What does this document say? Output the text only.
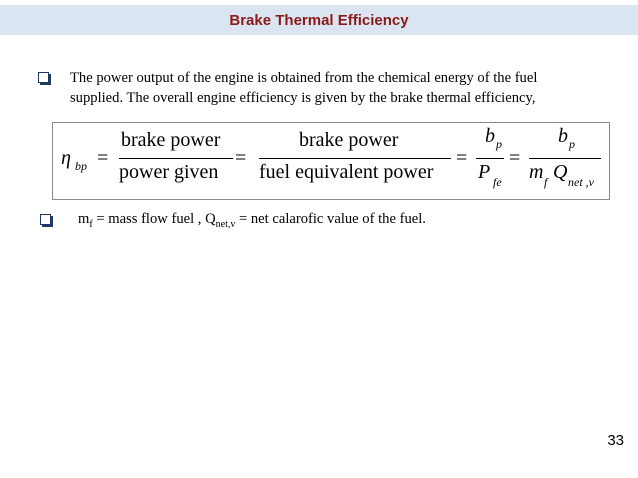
Brake Thermal Efficiency
The power output of the engine is obtained from the chemical energy of the fuel supplied. The overall engine efficiency is given by the brake thermal efficiency,
η bp =
brake power
power given
=
brake power
fuel equivalent power
=
b p
P fe
=
b p
m f Q net ,v
$m_f$ = mass flow fuel , $Q_{net,v}$ = net calarofic value of the fuel.
33
